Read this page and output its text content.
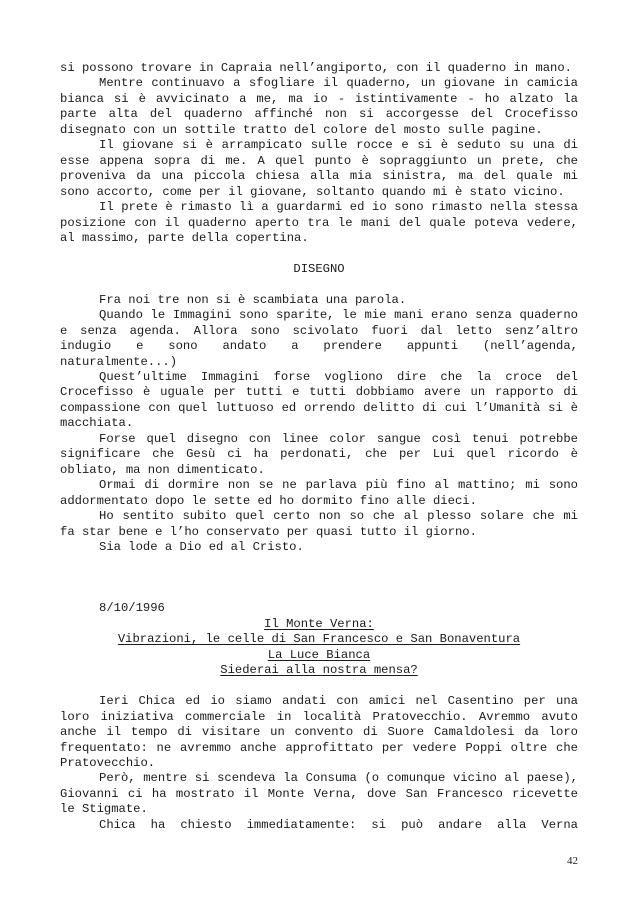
si possono trovare in Capraia nell’angiporto, con il quaderno in mano.

Mentre continuavo a sfogliare il quaderno, un giovane in camicia bianca si è avvicinato a me, ma io - istintivamente - ho alzato la parte alta del quaderno affinché non si accorgesse del Crocefisso disegnato con un sottile tratto del colore del mosto sulle pagine.

Il giovane si è arrampicato sulle rocce e si è seduto su una di esse appena sopra di me. A quel punto è sopraggiunto un prete, che proveniva da una piccola chiesa alla mia sinistra, ma del quale mi sono accorto, come per il giovane, soltanto quando mi è stato vicino.

Il prete è rimasto lì a guardarmi ed io sono rimasto nella stessa posizione con il quaderno aperto tra le mani del quale poteva vedere, al massimo, parte della copertina.

DISEGNO

Fra noi tre non si è scambiata una parola.

Quando le Immagini sono sparite, le mie mani erano senza quaderno e senza agenda. Allora sono scivolato fuori dal letto senz’altro indugio e sono andato a prendere appunti (nell’agenda, naturalmente...)

Quest’ultime Immagini forse vogliono dire che la croce del Crocefisso è uguale per tutti e tutti dobbiamo avere un rapporto di compassione con quel luttuoso ed orrendo delitto di cui l’Umanità si è macchiata.

Forse quel disegno con linee color sangue così tenui potrebbe significare che Gesù ci ha perdonati, che per Lui quel ricordo è obliato, ma non dimenticato.

Ormai di dormire non se ne parlava più fino al mattino; mi sono addormentato dopo le sette ed ho dormito fino alle dieci.

Ho sentito subito quel certo non so che al plesso solare che mi fa star bene e l’ho conservato per quasi tutto il giorno.

Sia lode a Dio ed al Cristo.

8/10/1996

Il Monte Verna:
Vibrazioni, le celle di San Francesco e San Bonaventura
La Luce Bianca
Siederai alla nostra mensa?

Ieri Chica ed io siamo andati con amici nel Casentino per una loro iniziativa commerciale in località Pratovecchio. Avremmo avuto anche il tempo di visitare un convento di Suore Camaldolesi da loro frequentato: ne avremmo anche approfittato per vedere Poppi oltre che Pratovecchio.

Però, mentre si scendeva la Consuma (o comunque vicino al paese), Giovanni ci ha mostrato il Monte Verna, dove San Francesco ricevette le Stigmate.

Chica ha chiesto immediatamente: si può andare alla Verna

42
